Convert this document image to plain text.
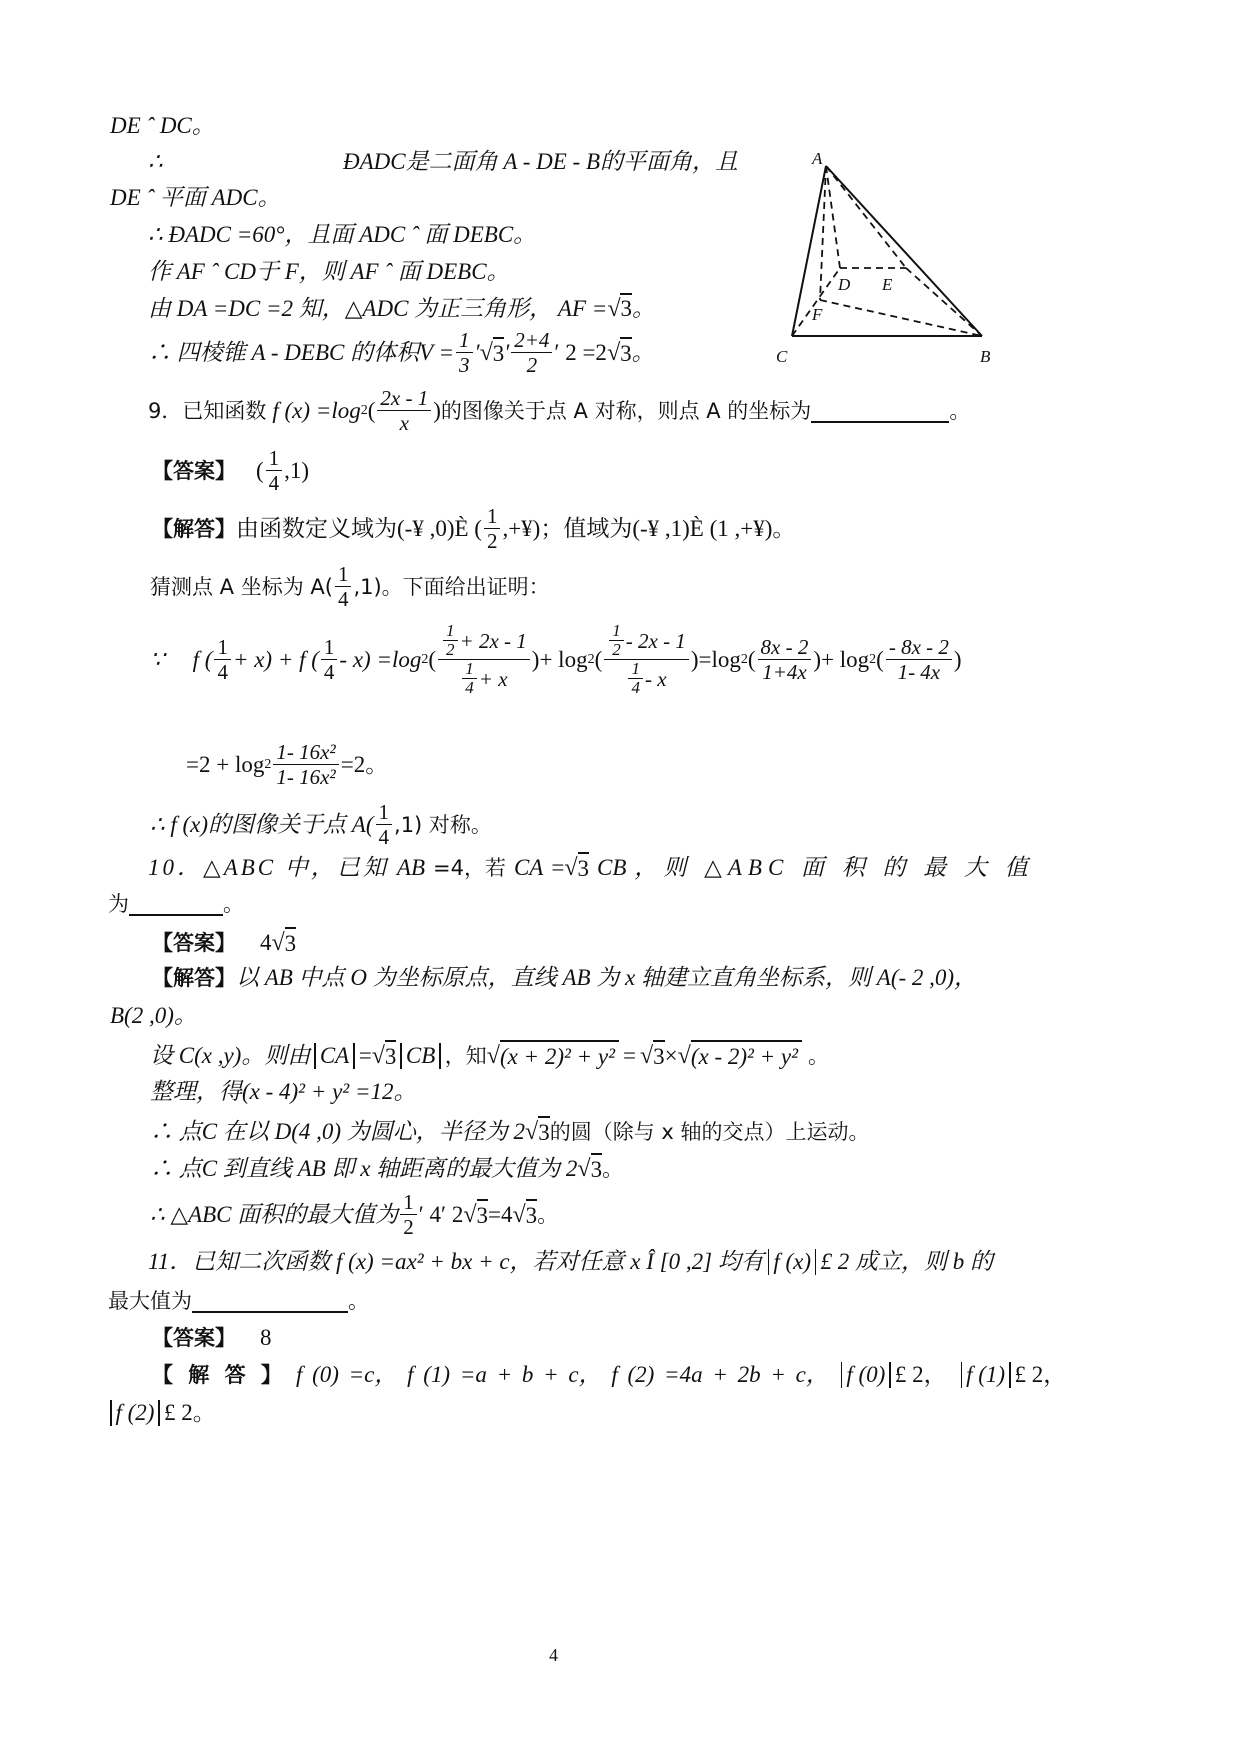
A
C	B
D E
F
DE ˆ DC。
∴	ÐADC是二面角 A - DE - B的平面角，且
DE ˆ 平面 ADC。
∴ ÐADC =60°，且面 ADC ˆ 面 DEBC。
作 AF ˆ CD于 F，则 AF ˆ 面 DEBC。
由 DA =DC =2 知，△ADC 为正三角形， AF =√3。
∴ 四棱锥 A - DEBC 的体积$V = \frac{1}{3}$ ′ √ 3 ′ $\frac{2+4}{2}$ ′ 2 =2 √ 3 。
9．已知函数 f (x) =log 2 ( $\frac{2x - 1}{x}$ ) 的图像关于点 A 对称，则点 A 的坐标为	。
【答案】 ( $\frac{1}{4} ,1$)
【解答】 由函数定义域为(-¥ ,0)È ( $\frac{1}{2}$ ,+¥)；值域为(-¥ ,1)È (1 ,+¥)。
猜测点 A 坐标为 $A( \frac{1}{4} ,1)$。下面给出证明：
∵ f ( $\frac{1}{4} + x) + f$ ( $\frac{1}{4} - x) =\log$ 2 ( $\frac{\frac{1}{2} + 2x - 1}{\frac{1}{4} + x}$ ) + log 2 ( $\frac{\frac{1}{2} - 2x - 1}{\frac{1}{4} - x}$ ) =log 2 ( $\frac{8x - 2}{1+4x}$ ) + log 2 ( $\frac{- 8x - 2}{1- 4x}$ )
$=2 + \log 2 \frac{\text{1- 16x²}}{\text{1- 16x²}} =2$。
∴ f (x)的图像关于点 $A( \frac{1}{4} ,1)$ 对称。
10．△ABC 中，已知 AB =4，若 CA = √ 3 CB ，则 △ABC 面 积 的 最 大 值
为	。
【答案】 4 √ 3
【解答】 以 AB 中点 O 为坐标原点，直线 AB 为 x 轴建立直角坐标系，则 A(- 2 ,0)，
B(2 ,0)。
设 C(x ,y)。则由 CA = √ 3 CB ，知 √ (x + 2)² + y² = √ 3 × √ (x - 2)² + y² 。
整理，得(x - 4)² + y² =12。
∴ 点C 在以 D(4 ,0) 为圆心，半径为 2 √ 3 的圆（除与 x 轴的交点）上运动。
∴ 点C 到直线 AB 即 x 轴距离的最大值为 2 √ 3 。
∴ △ABC 面积的最大值为 $\frac{1}{2}$ ′ 4′ 2 √ 3 =4 √ 3 。
11．已知二次函数 f (x) =ax² + bx + c，若对任意 x Î [0 ,2] 均有 f (x) £ 2 成立，则 b 的
最大值为	。
【答案】 8
【 解 答 】 f (0) =c， f (1) =a + b + c， f (2) =4a + 2b + c， f (0) £ 2， f (1) £ 2，
f (2) £ 2。
4
